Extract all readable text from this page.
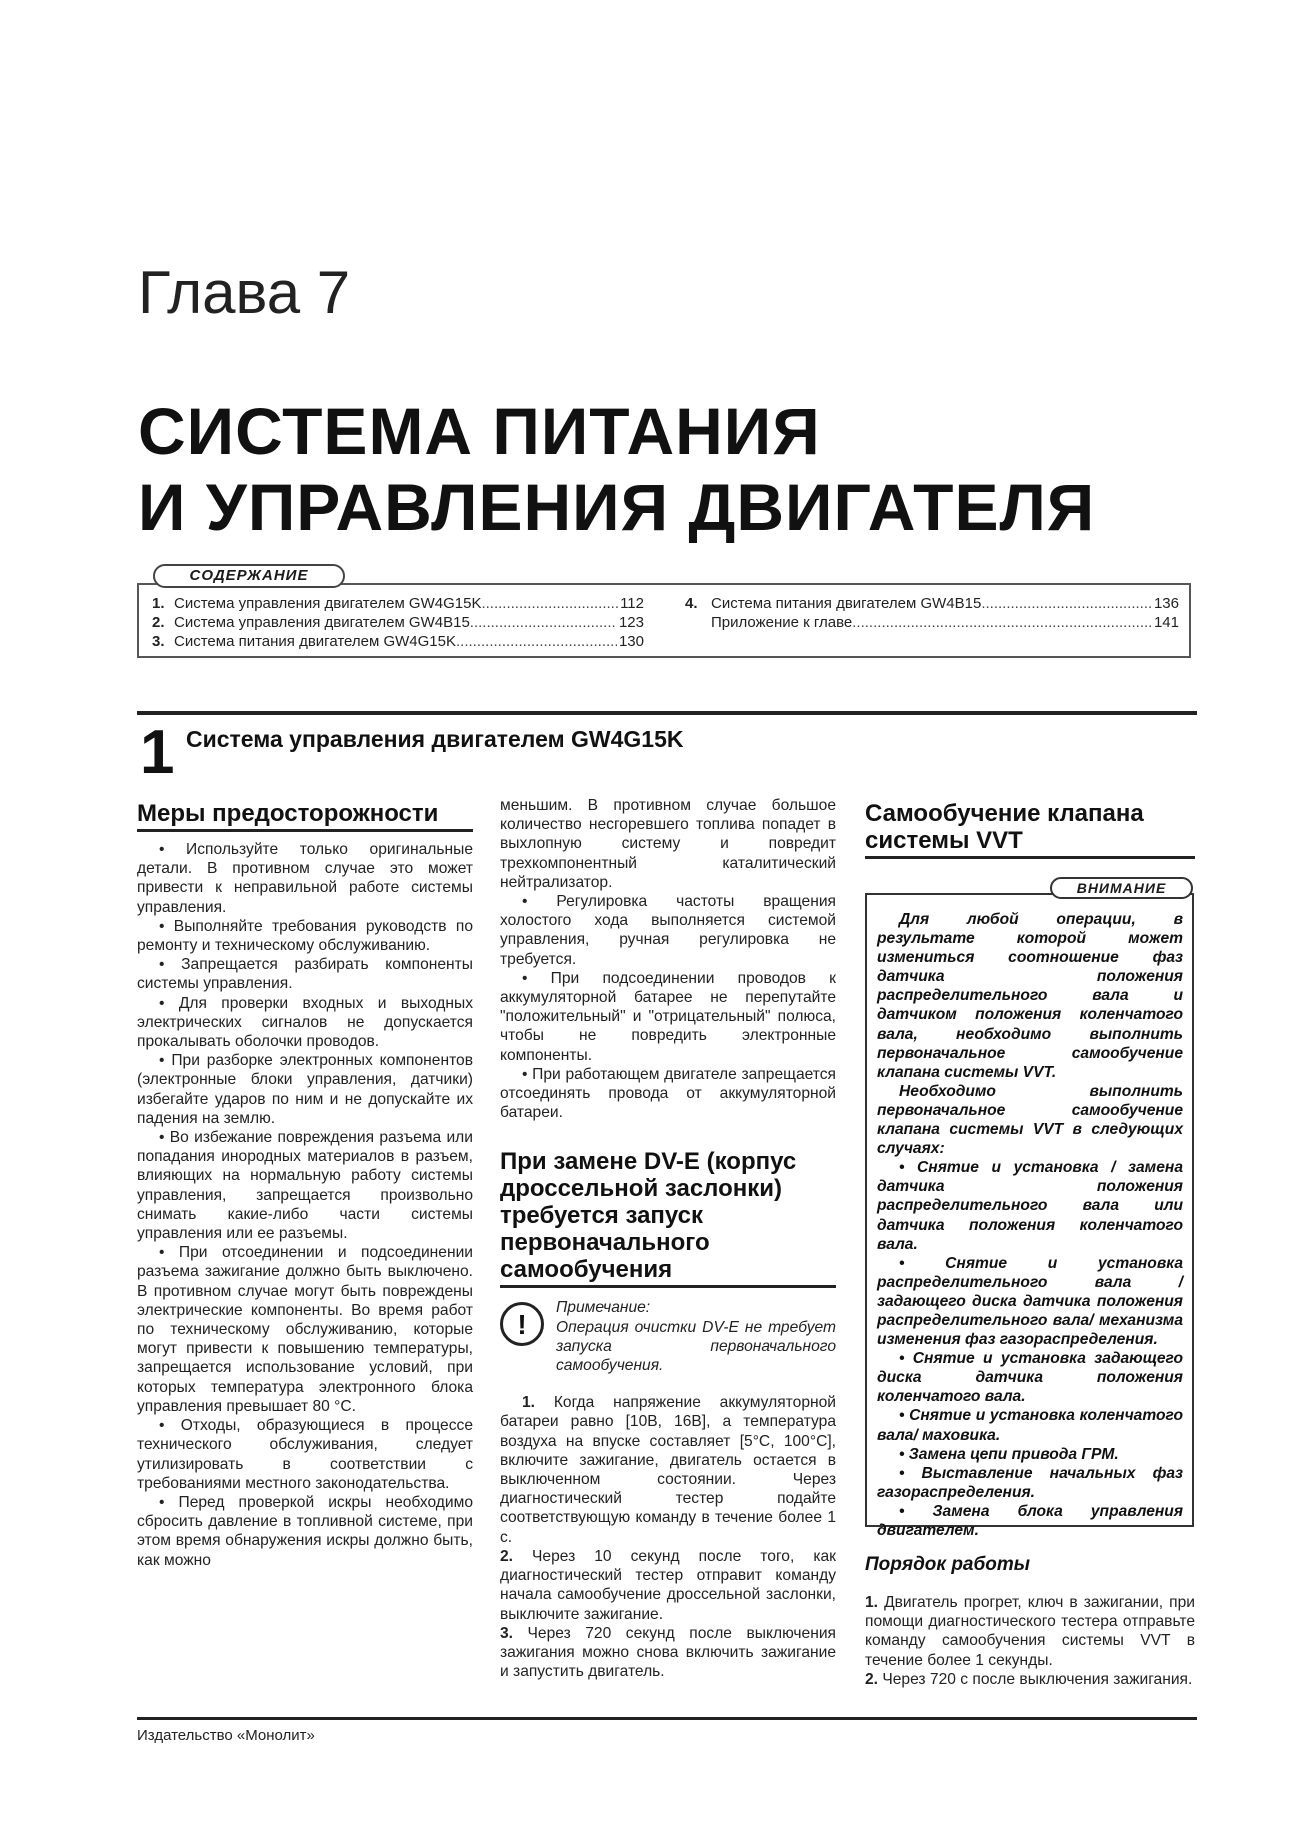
Глава 7
СИСТЕМА ПИТАНИЯ
И УПРАВЛЕНИЯ ДВИГАТЕЛЯ
СОДЕРЖАНИЕ
1. Система управления двигателем GW4G15K .....	112
2. Система управления двигателем GW4B15 .....	123
3. Система питания двигателем GW4G15K .....	130
4. Система питания двигателем GW4B15 .....	136
Приложение к главе .....	141
1 Система управления двигателем GW4G15K
Меры предосторожности

• Используйте только оригинальные детали. В противном случае это может привести к неправильной работе системы управления.

• Выполняйте требования руководств по ремонту и техническому обслуживанию.

• Запрещается разбирать компоненты системы управления.

• Для проверки входных и выходных электрических сигналов не допускается прокалывать оболочки проводов.

• При разборке электронных компонентов (электронные блоки управления, датчики) избегайте ударов по ним и не допускайте их падения на землю.

• Во избежание повреждения разъема или попадания инородных материалов в разъем, влияющих на нормальную работу системы управления, запрещается произвольно снимать какие-либо части системы управления или ее разъемы.

• При отсоединении и подсоединении разъема зажигание должно быть выключено. В противном случае могут быть повреждены электрические компоненты. Во время работ по техническому обслуживанию, которые могут привести к повышению температуры, запрещается использование условий, при которых температура электронного блока управления превышает 80 °С.

• Отходы, образующиеся в процессе технического обслуживания, следует утилизировать в соответствии с требованиями местного законодательства.

• Перед проверкой искры необходимо сбросить давление в топливной системе, при этом время обнаружения искры должно быть, как можно

меньшим. В противном случае большое количество несгоревшего топлива попадет в выхлопную систему и повредит трехкомпонентный каталитический нейтрализатор.

• Регулировка частоты вращения холостого хода выполняется системой управления, ручная регулировка не требуется.

• При подсоединении проводов к аккумуляторной батарее не перепутайте "положительный" и "отрицательный" полюса, чтобы не повредить электронные компоненты.

• При работающем двигателе запрещается отсоединять провода от аккумуляторной батареи.

При замене DV-E (корпус дроссельной заслонки) требуется запуск первоначального самообучения
!
Примечание:
Операция очистки DV-E не требует запуска первоначального самообучения.

1. Когда напряжение аккумуляторной батареи равно [10В, 16В], а температура воздуха на впуске составляет [5°С, 100°С], включите зажигание, двигатель остается в выключенном состоянии. Через диагностический тестер подайте соответствующую команду в течение более 1 с.

2. Через 10 секунд после того, как диагностический тестер отправит команду начала самообучение дроссельной заслонки, выключите зажигание.

3. Через 720 секунд после выключения зажигания можно снова включить зажигание и запустить двигатель.

Самообучение клапана системы VVT
ВНИМАНИЕ

Для любой операции, в результате которой может измениться соотношение фаз датчика положения распределительного вала и датчиком положения коленчатого вала, необходимо выполнить первоначальное самообучение клапана системы VVT.

Необходимо выполнить первоначальное самообучение клапана системы VVT в следующих случаях:

• Снятие и установка / замена датчика положения распределительного вала или датчика положения коленчатого вала.

• Снятие и установка распределительного вала / задающего диска датчика положения распределительного вала/ механизма изменения фаз газораспределения.

• Снятие и установка задающего диска датчика положения коленчатого вала.

• Снятие и установка коленчатого вала/ маховика.

• Замена цепи привода ГРМ.

• Выставление начальных фаз газораспределения.

• Замена блока управления двигателем.

Порядок работы

1. Двигатель прогрет, ключ в зажигании, при помощи диагностического тестера отправьте команду самообучения системы VVT в течение более 1 секунды.

2. Через 720 с после выключения зажигания.

Издательство «Монолит»
